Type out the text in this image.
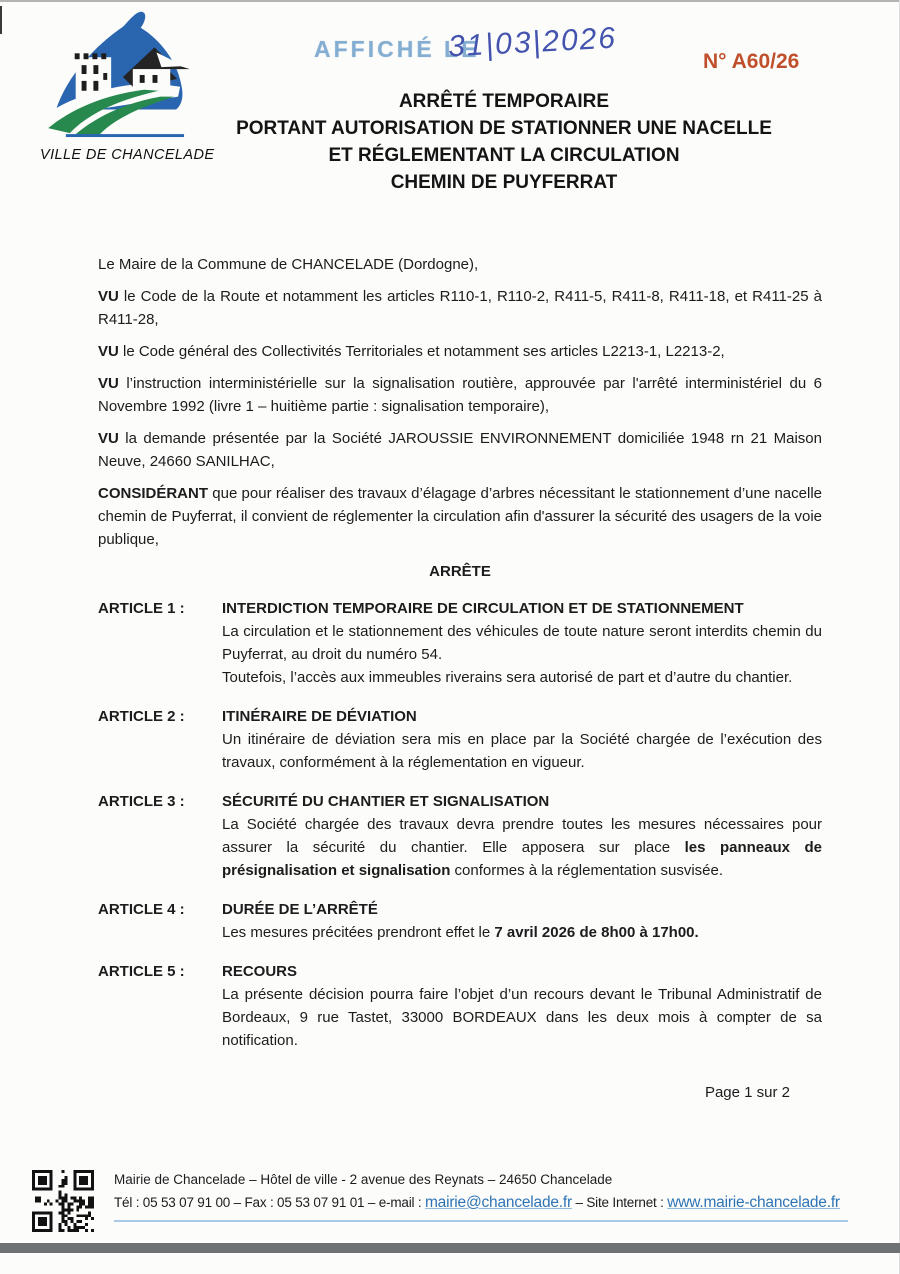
VILLE DE CHANCELADE
AFFICHÉ LE
31|03|2026	N° A60/26
ARRÊTÉ TEMPORAIRE
PORTANT AUTORISATION DE STATIONNER UNE NACELLE
ET RÉGLEMENTANT LA CIRCULATION
CHEMIN DE PUYFERRAT

Le Maire de la Commune de CHANCELADE (Dordogne),

VU le Code de la Route et notamment les articles R110-1, R110-2, R411-5, R411-8, R411-18, et R411-25 à R411-28,

VU le Code général des Collectivités Territoriales et notamment ses articles L2213-1, L2213-2,

VU l’instruction interministérielle sur la signalisation routière, approuvée par l'arrêté interministériel du 6 Novembre 1992 (livre 1 – huitième partie : signalisation temporaire),

VU la demande présentée par la Société JAROUSSIE ENVIRONNEMENT domiciliée 1948 rn 21 Maison Neuve, 24660 SANILHAC,

CONSIDÉRANT que pour réaliser des travaux d’élagage d’arbres nécessitant le stationnement d’une nacelle chemin de Puyferrat, il convient de réglementer la circulation afin d'assurer la sécurité des usagers de la voie publique,

ARRÊTE

ARTICLE 1 :	INTERDICTION TEMPORAIRE DE CIRCULATION ET DE STATIONNEMENT

La circulation et le stationnement des véhicules de toute nature seront interdits chemin du Puyferrat, au droit du numéro 54.

Toutefois, l’accès aux immeubles riverains sera autorisé de part et d’autre du chantier.

ARTICLE 2 :	ITINÉRAIRE DE DÉVIATION

Un itinéraire de déviation sera mis en place par la Société chargée de l’exécution des travaux, conformément à la réglementation en vigueur.

ARTICLE 3 :	SÉCURITÉ DU CHANTIER ET SIGNALISATION

La Société chargée des travaux devra prendre toutes les mesures nécessaires pour assurer la sécurité du chantier. Elle apposera sur place les panneaux de présignalisation et signalisation conformes à la réglementation susvisée.

ARTICLE 4 :	DURÉE DE L’ARRÊTÉ

Les mesures précitées prendront effet le 7 avril 2026 de 8h00 à 17h00.

ARTICLE 5 :	RECOURS

La présente décision pourra faire l’objet d’un recours devant le Tribunal Administratif de Bordeaux, 9 rue Tastet, 33000 BORDEAUX dans les deux mois à compter de sa notification.

Page 1 sur 2
Mairie de Chancelade – Hôtel de ville - 2 avenue des Reynats – 24650 Chancelade
Tél : 05 53 07 91 00 – Fax : 05 53 07 91 01 – e-mail : mairie@chancelade.fr – Site Internet : www.mairie-chancelade.fr
